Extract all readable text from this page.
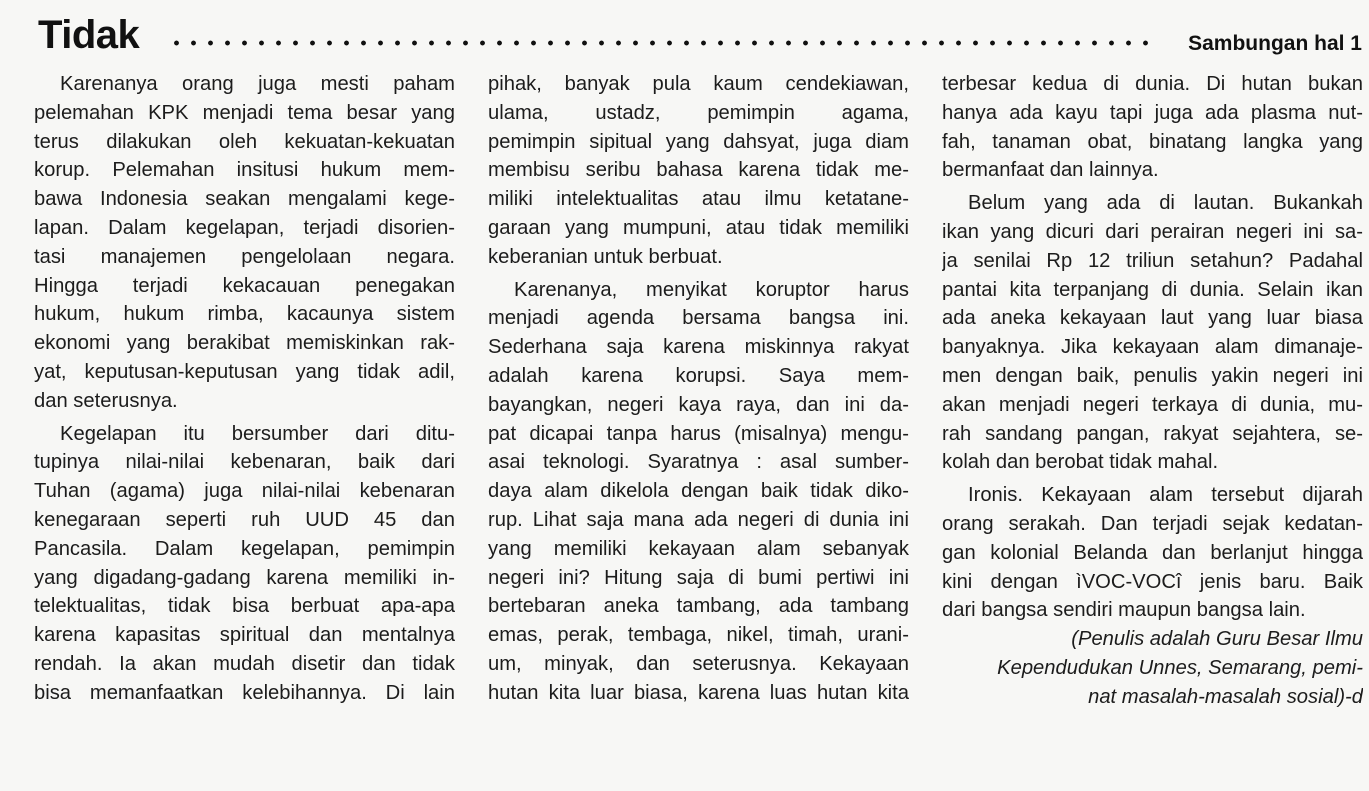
Tidak	Sambungan hal 1
Karenanya orang juga mesti paham
pelemahan KPK menjadi tema besar yang
terus dilakukan oleh kekuatan-kekuatan
korup. Pelemahan insitusi hukum mem-
bawa Indonesia seakan mengalami kege-
lapan. Dalam kegelapan, terjadi disorien-
tasi manajemen pengelolaan negara.
Hingga terjadi kekacauan penegakan
hukum, hukum rimba, kacaunya sistem
ekonomi yang berakibat memiskinkan rak-
yat, keputusan-keputusan yang tidak adil,
dan seterusnya.
Kegelapan itu bersumber dari ditu-
tupinya nilai-nilai kebenaran, baik dari
Tuhan (agama) juga nilai-nilai kebenaran
kenegaraan seperti ruh UUD 45 dan
Pancasila. Dalam kegelapan, pemimpin
yang digadang-gadang karena memiliki in-
telektualitas, tidak bisa berbuat apa-apa
karena kapasitas spiritual dan mentalnya
rendah. Ia akan mudah disetir dan tidak
bisa memanfaatkan kelebihannya. Di lain
pihak, banyak pula kaum cendekiawan,
ulama, ustadz, pemimpin agama,
pemimpin sipitual yang dahsyat, juga diam
membisu seribu bahasa karena tidak me-
miliki intelektualitas atau ilmu ketatane-
garaan yang mumpuni, atau tidak memiliki
keberanian untuk berbuat.
Karenanya, menyikat koruptor harus
menjadi agenda bersama bangsa ini.
Sederhana saja karena miskinnya rakyat
adalah karena korupsi. Saya mem-
bayangkan, negeri kaya raya, dan ini da-
pat dicapai tanpa harus (misalnya) mengu-
asai teknologi. Syaratnya : asal sumber-
daya alam dikelola dengan baik tidak diko-
rup. Lihat saja mana ada negeri di dunia ini
yang memiliki kekayaan alam sebanyak
negeri ini? Hitung saja di bumi pertiwi ini
bertebaran aneka tambang, ada tambang
emas, perak, tembaga, nikel, timah, urani-
um, minyak, dan seterusnya. Kekayaan
hutan kita luar biasa, karena luas hutan kita
terbesar kedua di dunia. Di hutan bukan
hanya ada kayu tapi juga ada plasma nut-
fah, tanaman obat, binatang langka yang
bermanfaat dan lainnya.
Belum yang ada di lautan. Bukankah
ikan yang dicuri dari perairan negeri ini sa-
ja senilai Rp 12 triliun setahun? Padahal
pantai kita terpanjang di dunia. Selain ikan
ada aneka kekayaan laut yang luar biasa
banyaknya. Jika kekayaan alam dimanaje-
men dengan baik, penulis yakin negeri ini
akan menjadi negeri terkaya di dunia, mu-
rah sandang pangan, rakyat sejahtera, se-
kolah dan berobat tidak mahal.
Ironis. Kekayaan alam tersebut dijarah
orang serakah. Dan terjadi sejak kedatan-
gan kolonial Belanda dan berlanjut hingga
kini dengan ìVOC-VOCî jenis baru. Baik
dari bangsa sendiri maupun bangsa lain.
(Penulis adalah Guru Besar Ilmu
Kependudukan Unnes, Semarang, pemi-
nat masalah-masalah sosial)-d
